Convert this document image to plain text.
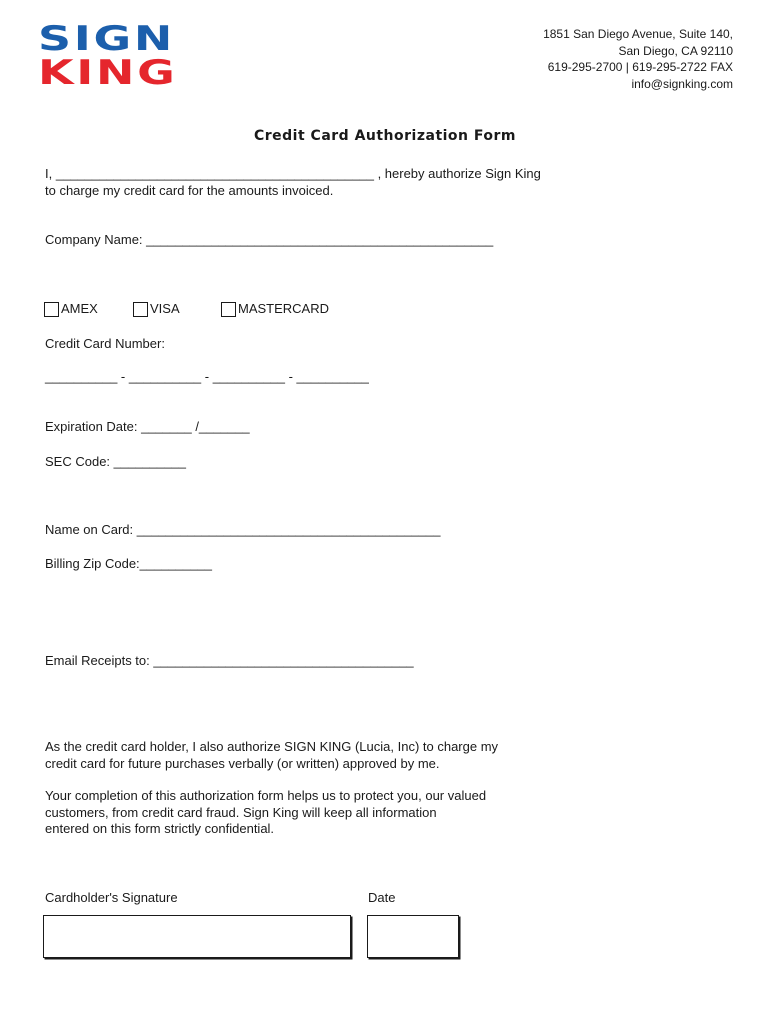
SIGN
KING
1851 San Diego Avenue, Suite 140,
San Diego, CA 92110
619-295-2700 | 619-295-2722 FAX
info@signking.com
Credit Card Authorization Form
I, ____________________________________________ , hereby authorize Sign King
to charge my credit card for the amounts invoiced.
Company Name: ________________________________________________
AMEX	VISA	MASTERCARD
Credit Card Number:
__________ - __________ - __________ - __________
Expiration Date: _______ /_______
SEC Code: __________
Name on Card: __________________________________________
Billing Zip Code:__________
Email Receipts to: ____________________________________
As the credit card holder, I also authorize SIGN KING (Lucia, Inc) to charge my
credit card for future purchases verbally (or written) approved by me.
Your completion of this authorization form helps us to protect you, our valued
customers, from credit card fraud. Sign King will keep all information
entered on this form strictly confidential.
Cardholder's Signature	Date
